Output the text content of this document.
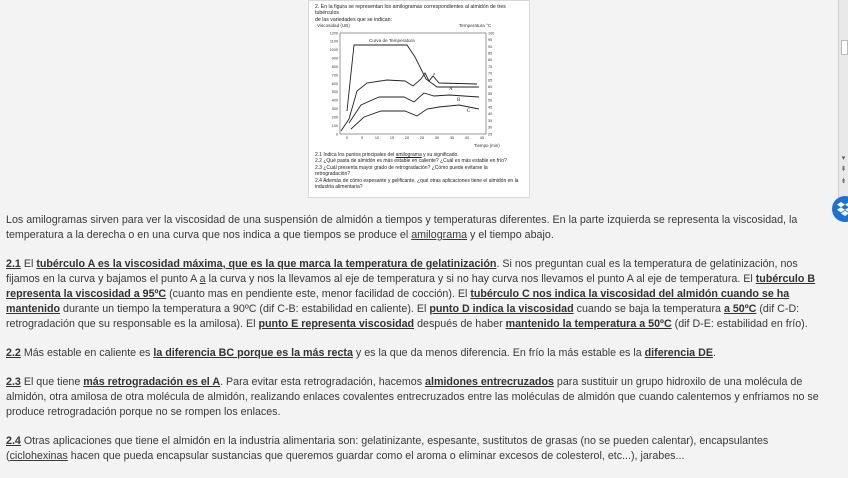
2. En la figura se representan los amilogramas correspondientes al almidón de tres tubérculos
de las variedades que se indican:
Viscosidad (UB)	Temperatura °C
1200
1100
1000
900
800
700
600
500
400
300
200
100
0
100
95
90
85
80
75
70
65
60
55
50
45
40
35
30
25
0	5	10	15	20	25	30	35	40	45
Curva de Temperatura
A
B
C
a
Tiempo (min)
2.1 Indica los puntos principales del amilograma y su significado.
2.2 ¿Qué pasta de almidón es más estable en caliente? ¿Cuál es más estable en frío?
2.3 ¿Cuál presenta mayor grado de retrogradación? ¿Cómo puede evitarse la
retrogradación?
2.4 Además de cómo espesante y gelificante, ¿qué otras aplicaciones tiene el almidón en la
industria alimentaria?
▾
⇞
⇟

Los amilogramas sirven para ver la viscosidad de una suspensión de almidón a tiempos y temperaturas diferentes. En la parte izquierda se representa la viscosidad, la temperatura a la derecha o en una curva que nos indica a que tiempos se produce el amilograma y el tiempo abajo.

2.1 El tubérculo A es la viscosidad máxima, que es la que marca la temperatura de gelatinización. Si nos preguntan cual es la temperatura de gelatinización, nos fijamos en la curva y bajamos el punto A a la curva y nos la llevamos al eje de temperatura y si no hay curva nos llevamos el punto A al eje de temperatura. El tubérculo B representa la viscosidad a 95ºC (cuanto mas en pendiente este, menor facilidad de cocción). El tubérculo C nos indica la viscosidad del almidón cuando se ha mantenido durante un tiempo la temperatura a 90ºC (dif C-B: estabilidad en caliente). El punto D indica la viscosidad cuando se baja la temperatura a 50ºC (dif C-D: retrogradación que su responsable es la amilosa). El punto E representa viscosidad después de haber mantenido la temperatura a 50ºC (dif D-E: estabilidad en frío).

2.2 Más estable en caliente es la diferencia BC porque es la más recta y es la que da menos diferencia. En frío la más estable es la diferencia DE.

2.3 El que tiene más retrogradación es el A. Para evitar esta retrogradación, hacemos almidones entrecruzados para sustituir un grupo hidroxilo de una molécula de almidón, otra amilosa de otra molécula de almidón, realizando enlaces covalentes entrecruzados entre las moléculas de almidón que cuando calentemos y enfriamos no se produce retrogradación porque no se rompen los enlaces.

2.4 Otras aplicaciones que tiene el almidón en la industria alimentaria son: gelatinizante, espesante, sustitutos de grasas (no se pueden calentar), encapsulantes (ciclohexinas hacen que pueda encapsular sustancias que queremos guardar como el aroma o eliminar excesos de colesterol, etc...), jarabes...
